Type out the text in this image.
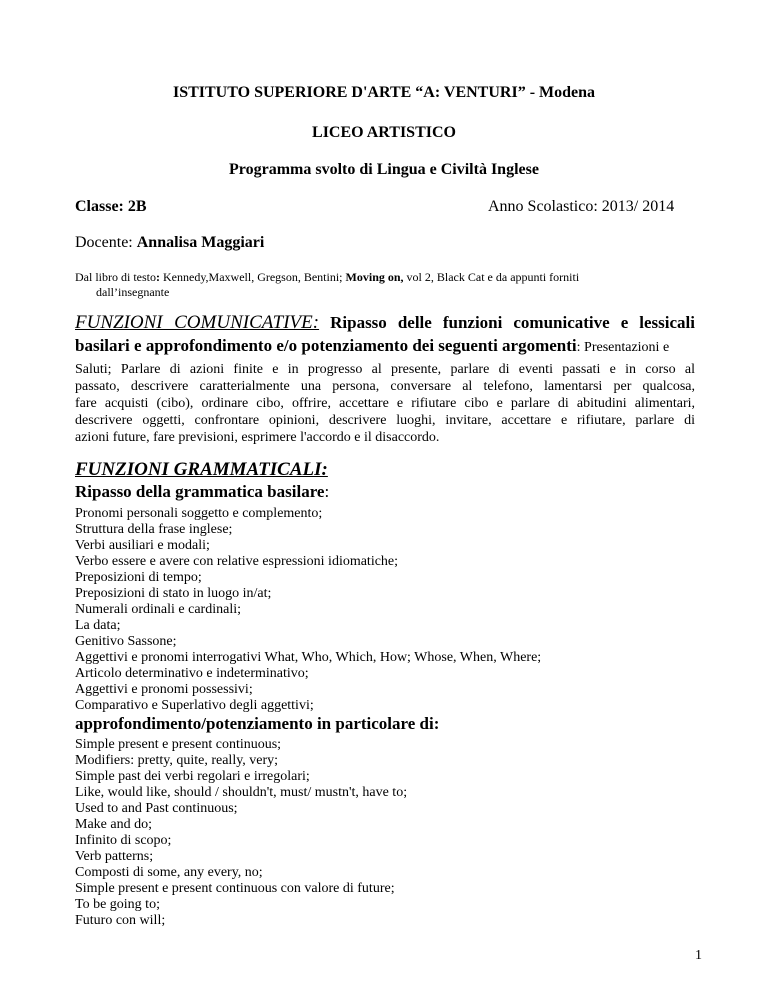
ISTITUTO SUPERIORE D'ARTE “A: VENTURI” - Modena
LICEO ARTISTICO
Programma svolto di Lingua e Civiltà Inglese
Classe: 2B	Anno Scolastico: 2013/ 2014
Docente: Annalisa Maggiari
Dal libro di testo: Kennedy,Maxwell, Gregson, Bentini; Moving on, vol 2, Black Cat e da appunti forniti
dall’insegnante
FUNZIONI COMUNICATIVE: Ripasso delle funzioni comunicative e lessicali
basilari e approfondimento e/o potenziamento dei seguenti argomenti: Presentazioni e
Saluti; Parlare di azioni finite e in progresso al presente, parlare di eventi passati e in corso al
passato, descrivere caratterialmente una persona, conversare al telefono, lamentarsi per qualcosa,
fare acquisti (cibo), ordinare cibo, offrire, accettare e rifiutare cibo e parlare di abitudini alimentari,
descrivere oggetti, confrontare opinioni, descrivere luoghi, invitare, accettare e rifiutare, parlare di
azioni future, fare previsioni, esprimere l'accordo e il disaccordo.
FUNZIONI GRAMMATICALI:
Ripasso della grammatica basilare:
Pronomi personali soggetto e complemento;
Struttura della frase inglese;
Verbi ausiliari e modali;
Verbo essere e avere con relative espressioni idiomatiche;
Preposizioni di tempo;
Preposizioni di stato in luogo in/at;
Numerali ordinali e cardinali;
La data;
Genitivo Sassone;
Aggettivi e pronomi interrogativi What, Who, Which, How; Whose, When, Where;
Articolo determinativo e indeterminativo;
Aggettivi e pronomi possessivi;
Comparativo e Superlativo degli aggettivi;
approfondimento/potenziamento in particolare di:
Simple present e present continuous;
Modifiers: pretty, quite, really, very;
Simple past dei verbi regolari e irregolari;
Like, would like, should / shouldn't, must/ mustn't, have to;
Used to and Past continuous;
Make and do;
Infinito di scopo;
Verb patterns;
Composti di some, any every, no;
Simple present e present continuous con valore di future;
To be going to;
Futuro con will;
1
